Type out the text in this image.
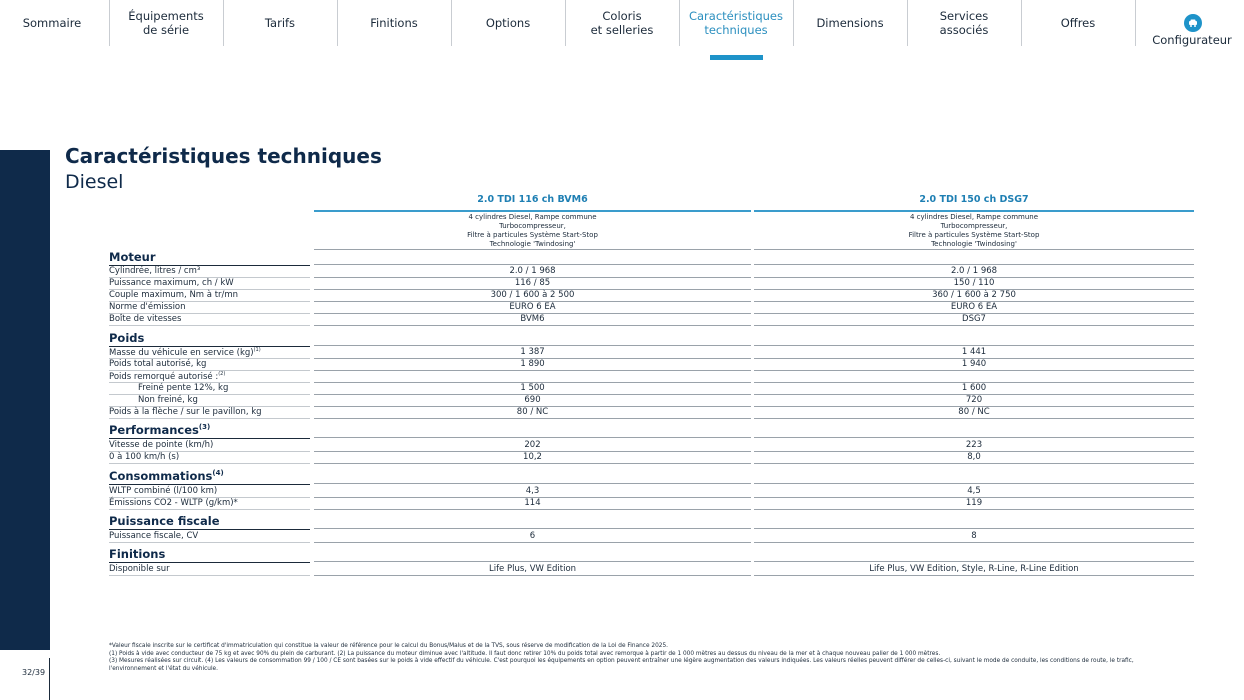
Sommaire	Équipements
de série	Tarifs	Finitions	Options	Coloris
et selleries
Caractéristiques
techniques	Dimensions	Services
associés	Offres
Configurateur
32/39
Caractéristiques techniques
Diesel
2.0 TDI 116 ch BVM6
4 cylindres Diesel, Rampe commune
Turbocompresseur,
Filtre à particules Système Start-Stop
Technologie 'Twindosing'
2.0 TDI 150 ch DSG7
4 cylindres Diesel, Rampe commune
Turbocompresseur,
Filtre à particules Système Start-Stop
Technologie 'Twindosing'
Moteur
Cylindrée, litres / cm³	2.0 / 1 968	2.0 / 1 968
Puissance maximum, ch / kW	116 / 85	150 / 110
Couple maximum, Nm à tr/mn	300 / 1 600 à 2 500	360 / 1 600 à 2 750
Norme d'émission	EURO 6 EA	EURO 6 EA
Boîte de vitesses	BVM6	DSG7
Poids
Masse du véhicule en service (kg)$^{(1)}$	1 387	1 441
Poids total autorisé, kg	1 890	1 940
Poids remorqué autorisé :$^{(2)}$
Freiné pente 12%, kg	1 500	1 600
Non freiné, kg	690	720
Poids à la flèche / sur le pavillon, kg	80 / NC	80 / NC
Performances$^{(3)}$
Vitesse de pointe (km/h)	202	223
0 à 100 km/h (s)	10,2	8,0
Consommations$^{(4)}$
WLTP combiné (l/100 km)	4,3	4,5
Émissions CO2 - WLTP (g/km)*	114	119
Puissance fiscale
Puissance fiscale, CV	6	8
Finitions
Disponible sur	Life Plus, VW Edition	Life Plus, VW Edition, Style, R-Line, R-Line Edition
*Valeur fiscale inscrite sur le certificat d'immatriculation qui constitue la valeur de référence pour le calcul du Bonus/Malus et de la TVS, sous réserve de modification de la Loi de Finance 2025.
(1) Poids à vide avec conducteur de 75 kg et avec 90% du plein de carburant. (2) La puissance du moteur diminue avec l'altitude. Il faut donc retirer 10% du poids total avec remorque à partir de 1 000 mètres au dessus du niveau de la mer et à chaque nouveau palier de 1 000 mètres.
(3) Mesures réalisées sur circuit. (4) Les valeurs de consommation 99 / 100 / CE sont basées sur le poids à vide effectif du véhicule. C'est pourquoi les équipements en option peuvent entraîner une légère augmentation des valeurs indiquées. Les valeurs réelles peuvent différer de celles-ci, suivant le mode de conduite, les conditions de route, le trafic,
l'environnement et l'état du véhicule.
